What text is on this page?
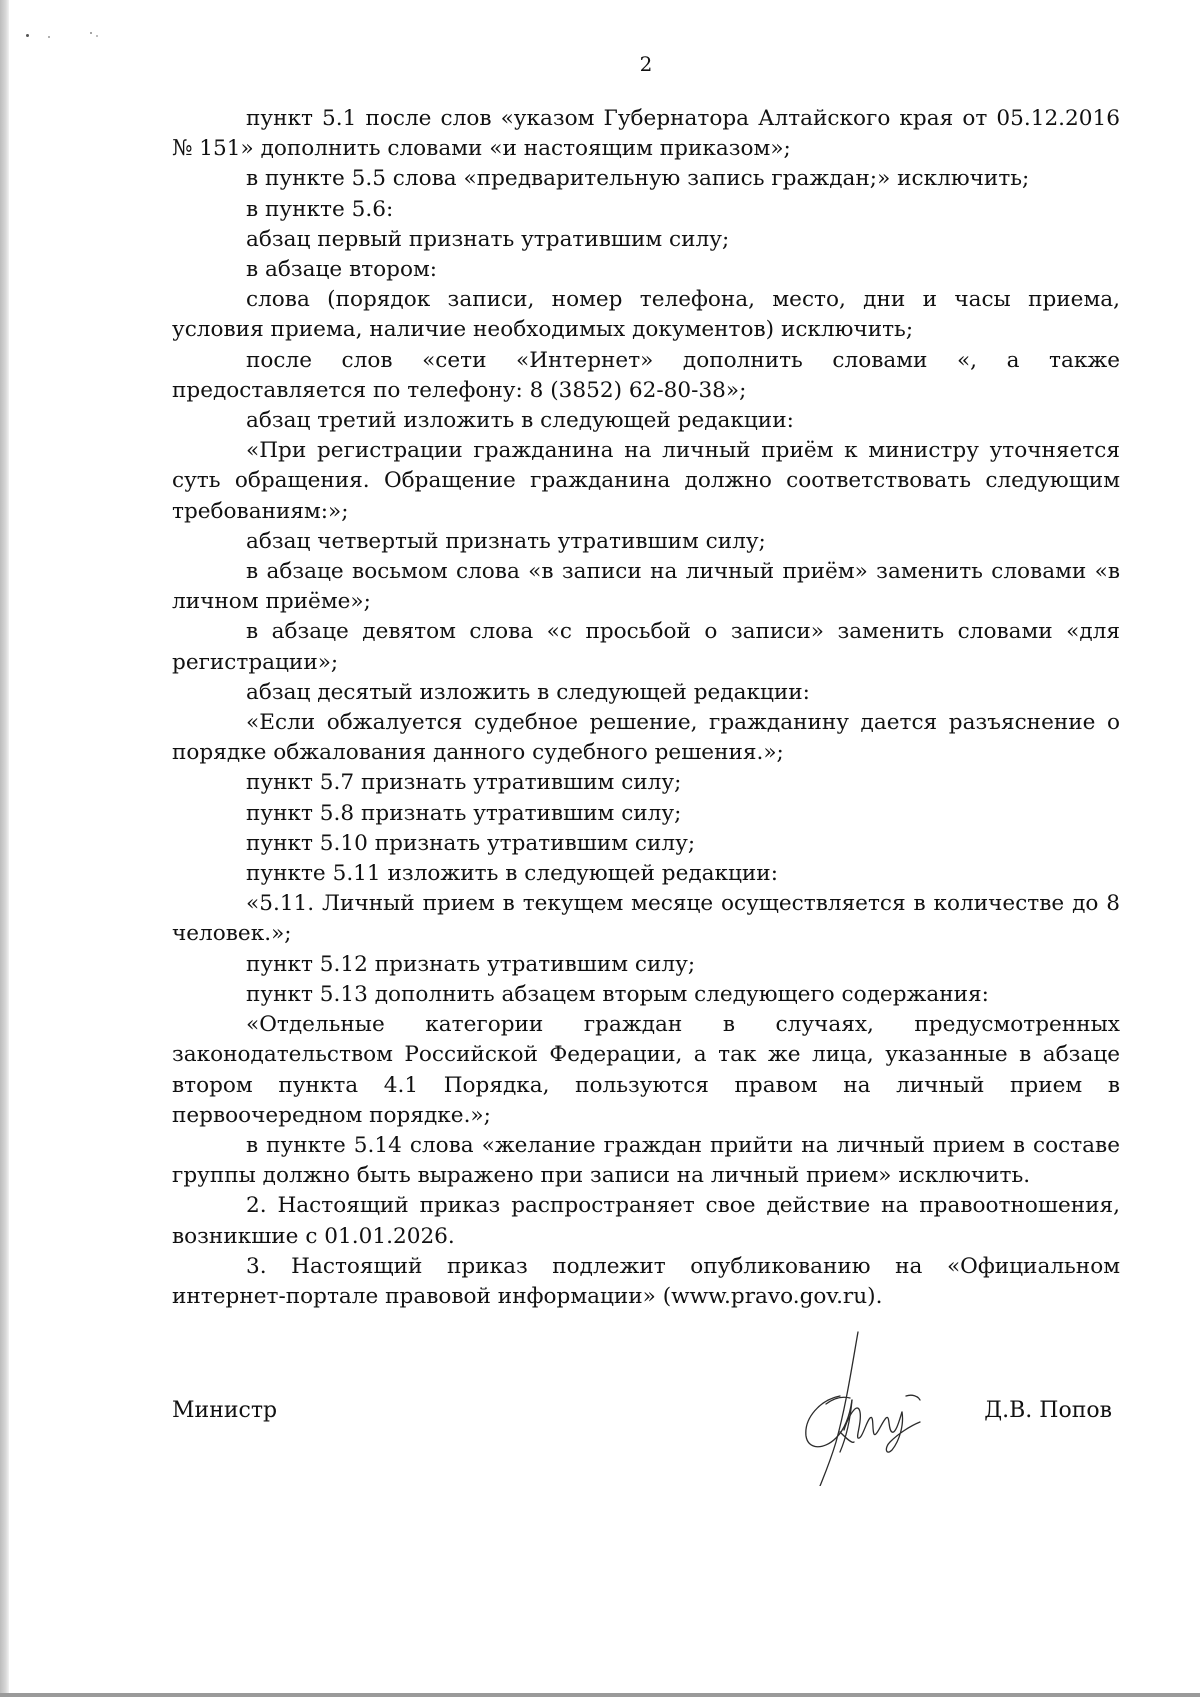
2

пункт 5.1 после слов «указом Губернатора Алтайского края от 05.12.2016 № 151» дополнить словами «и настоящим приказом»;

в пункте 5.5 слова «предварительную запись граждан;» исключить;

в пункте 5.6:

абзац первый признать утратившим силу;

в абзаце втором:

слова (порядок записи, номер телефона, место, дни и часы приема, условия приема, наличие необходимых документов) исключить;

после слов «сети «Интернет» дополнить словами «, а также предоставляется по телефону: 8 (3852) 62-80-38»;

абзац третий изложить в следующей редакции:

«При регистрации гражданина на личный приём к министру уточняется суть обращения. Обращение гражданина должно соответствовать следующим требованиям:»;

абзац четвертый признать утратившим силу;

в абзаце восьмом слова «в записи на личный приём» заменить словами «в личном приёме»;

в абзаце девятом слова «с просьбой о записи» заменить словами «для регистрации»;

абзац десятый изложить в следующей редакции:

«Если обжалуется судебное решение, гражданину дается разъяснение о порядке обжалования данного судебного решения.»;

пункт 5.7 признать утратившим силу;

пункт 5.8 признать утратившим силу;

пункт 5.10 признать утратившим силу;

пункте 5.11 изложить в следующей редакции:

«5.11. Личный прием в текущем месяце осуществляется в количестве до 8 человек.»;

пункт 5.12 признать утратившим силу;

пункт 5.13 дополнить абзацем вторым следующего содержания:

«Отдельные категории граждан в случаях, предусмотренных законодательством Российской Федерации, а так же лица, указанные в абзаце втором пункта 4.1 Порядка, пользуются правом на личный прием в первоочередном порядке.»;

в пункте 5.14 слова «желание граждан прийти на личный прием в составе группы должно быть выражено при записи на личный прием» исключить.

2. Настоящий приказ распространяет свое действие на правоотношения, возникшие с 01.01.2026.

3. Настоящий приказ подлежит опубликованию на «Официальном интернет-портале правовой информации» (www.pravo.gov.ru).

Министр	Д.В. Попов
